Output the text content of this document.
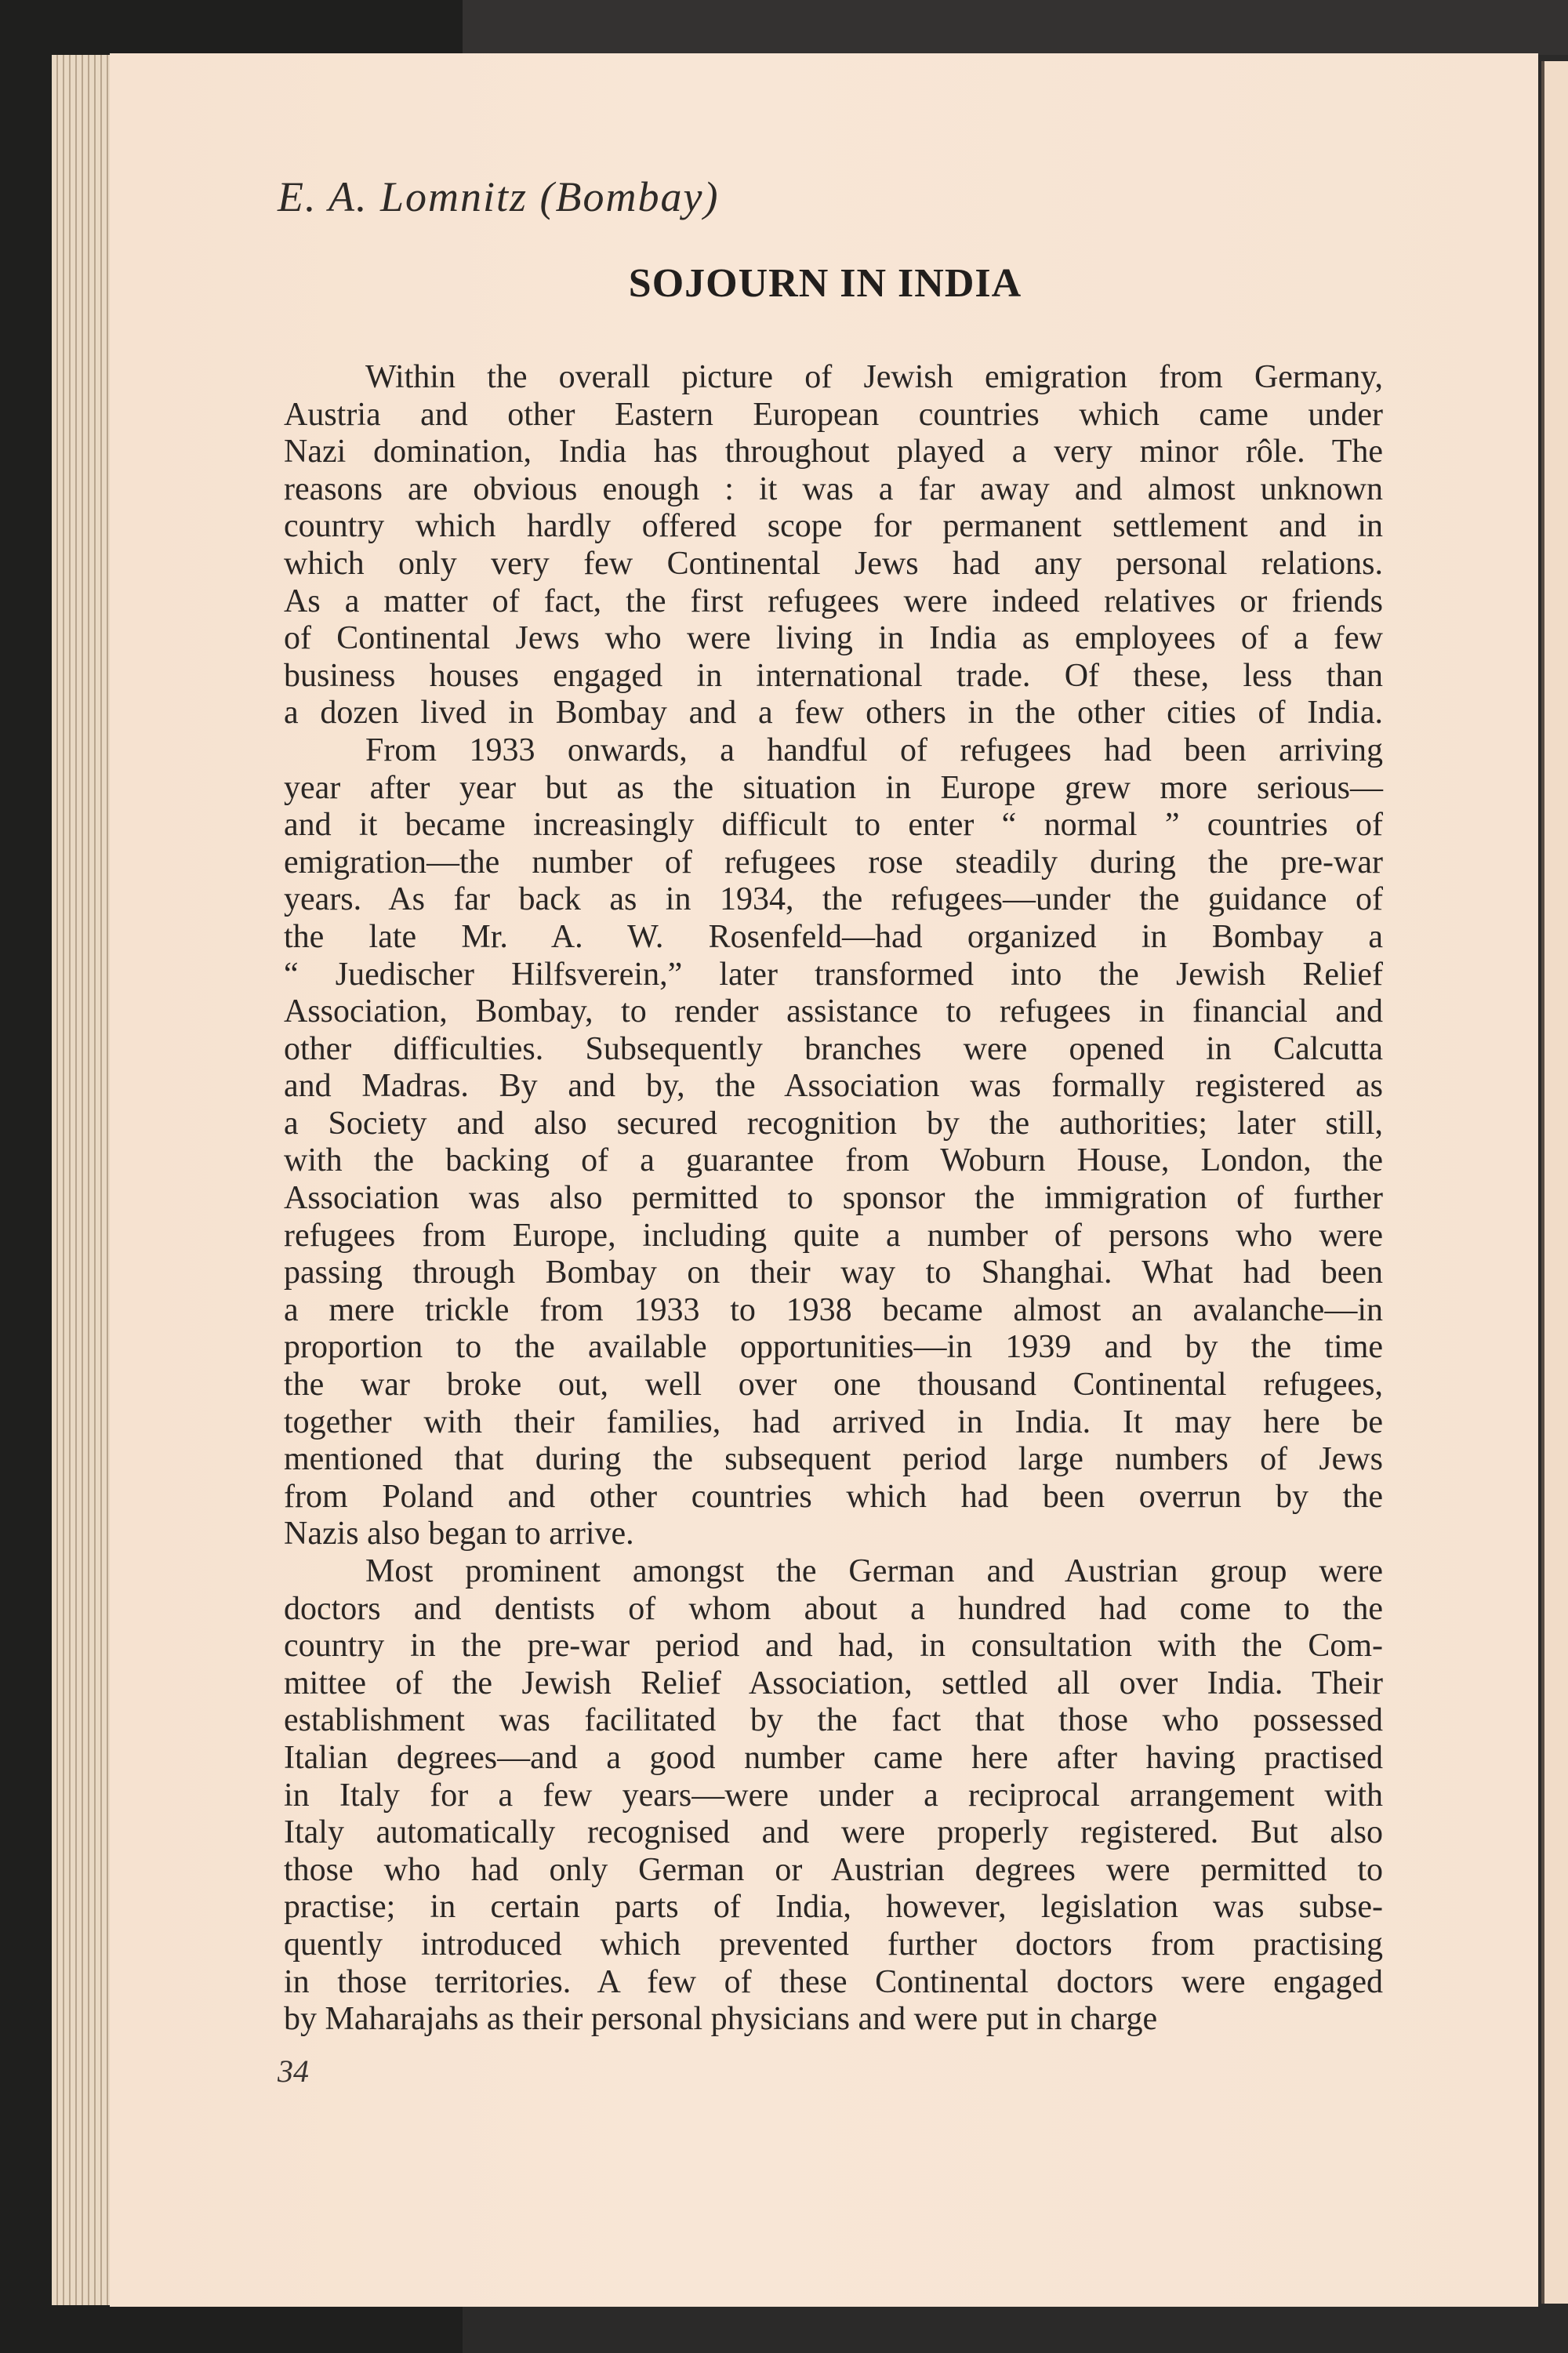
E. A. Lomnitz (Bombay)
SOJOURN IN INDIA
Within the overall picture of Jewish emigration from Germany,
Austria and other Eastern European countries which came under
Nazi domination, India has throughout played a very minor rôle. The
reasons are obvious enough : it was a far away and almost unknown
country which hardly offered scope for permanent settlement and in
which only very few Continental Jews had any personal relations.
As a matter of fact, the first refugees were indeed relatives or friends
of Continental Jews who were living in India as employees of a few
business houses engaged in international trade. Of these, less than
a dozen lived in Bombay and a few others in the other cities of India.
From 1933 onwards, a handful of refugees had been arriving
year after year but as the situation in Europe grew more serious—
and it became increasingly difficult to enter “ normal ” countries of
emigration—the number of refugees rose steadily during the pre-war
years. As far back as in 1934, the refugees—under the guidance of
the late Mr. A. W. Rosenfeld—had organized in Bombay a
“ Juedischer Hilfsverein,” later transformed into the Jewish Relief
Association, Bombay, to render assistance to refugees in financial and
other difficulties. Subsequently branches were opened in Calcutta
and Madras. By and by, the Association was formally registered as
a Society and also secured recognition by the authorities; later still,
with the backing of a guarantee from Woburn House, London, the
Association was also permitted to sponsor the immigration of further
refugees from Europe, including quite a number of persons who were
passing through Bombay on their way to Shanghai. What had been
a mere trickle from 1933 to 1938 became almost an avalanche—in
proportion to the available opportunities—in 1939 and by the time
the war broke out, well over one thousand Continental refugees,
together with their families, had arrived in India. It may here be
mentioned that during the subsequent period large numbers of Jews
from Poland and other countries which had been overrun by the
Nazis also began to arrive.
Most prominent amongst the German and Austrian group were
doctors and dentists of whom about a hundred had come to the
country in the pre-war period and had, in consultation with the Com-
mittee of the Jewish Relief Association, settled all over India. Their
establishment was facilitated by the fact that those who possessed
Italian degrees—and a good number came here after having practised
in Italy for a few years—were under a reciprocal arrangement with
Italy automatically recognised and were properly registered. But also
those who had only German or Austrian degrees were permitted to
practise; in certain parts of India, however, legislation was subse-
quently introduced which prevented further doctors from practising
in those territories. A few of these Continental doctors were engaged
by Maharajahs as their personal physicians and were put in charge
34
